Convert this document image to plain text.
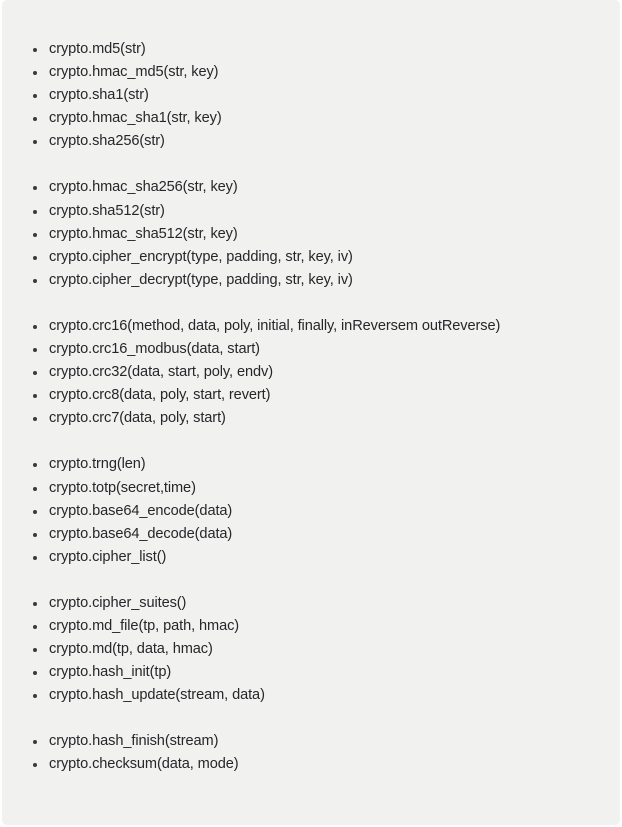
crypto.md5(str)
crypto.hmac_md5(str, key)
crypto.sha1(str)
crypto.hmac_sha1(str, key)
crypto.sha256(str)
crypto.hmac_sha256(str, key)
crypto.sha512(str)
crypto.hmac_sha512(str, key)
crypto.cipher_encrypt(type, padding, str, key, iv)
crypto.cipher_decrypt(type, padding, str, key, iv)
crypto.crc16(method, data, poly, initial, finally, inReversem outReverse)
crypto.crc16_modbus(data, start)
crypto.crc32(data, start, poly, endv)
crypto.crc8(data, poly, start, revert)
crypto.crc7(data, poly, start)
crypto.trng(len)
crypto.totp(secret,time)
crypto.base64_encode(data)
crypto.base64_decode(data)
crypto.cipher_list()
crypto.cipher_suites()
crypto.md_file(tp, path, hmac)
crypto.md(tp, data, hmac)
crypto.hash_init(tp)
crypto.hash_update(stream, data)
crypto.hash_finish(stream)
crypto.checksum(data, mode)
